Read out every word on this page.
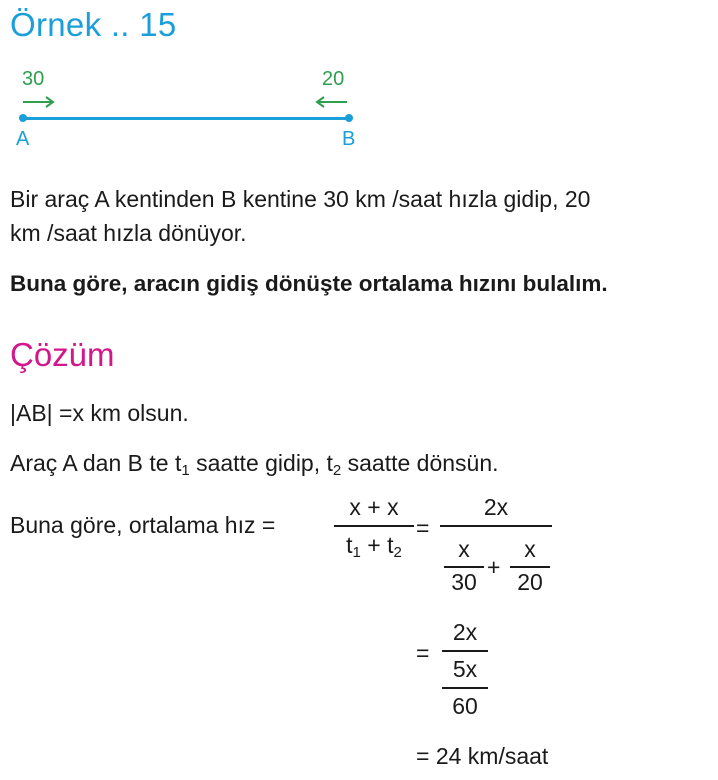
Örnek .. 15
30	20
A	B
Bir araç A kentinden B kentine 30 km /saat hızla gidip, 20
km /saat hızla dönüyor.
Buna göre, aracın gidiş dönüşte ortalama hızını bulalım.
Çözüm
|AB| =x km olsun.
Araç A dan B te $t_1$ saatte gidip, $t_2$ saatte dönsün.
Buna göre, ortalama hız =
x + x
$t_1 + t_2$
=
2x
x
30
+
x
20
=
2x
5x
60
= 24 km/saat
